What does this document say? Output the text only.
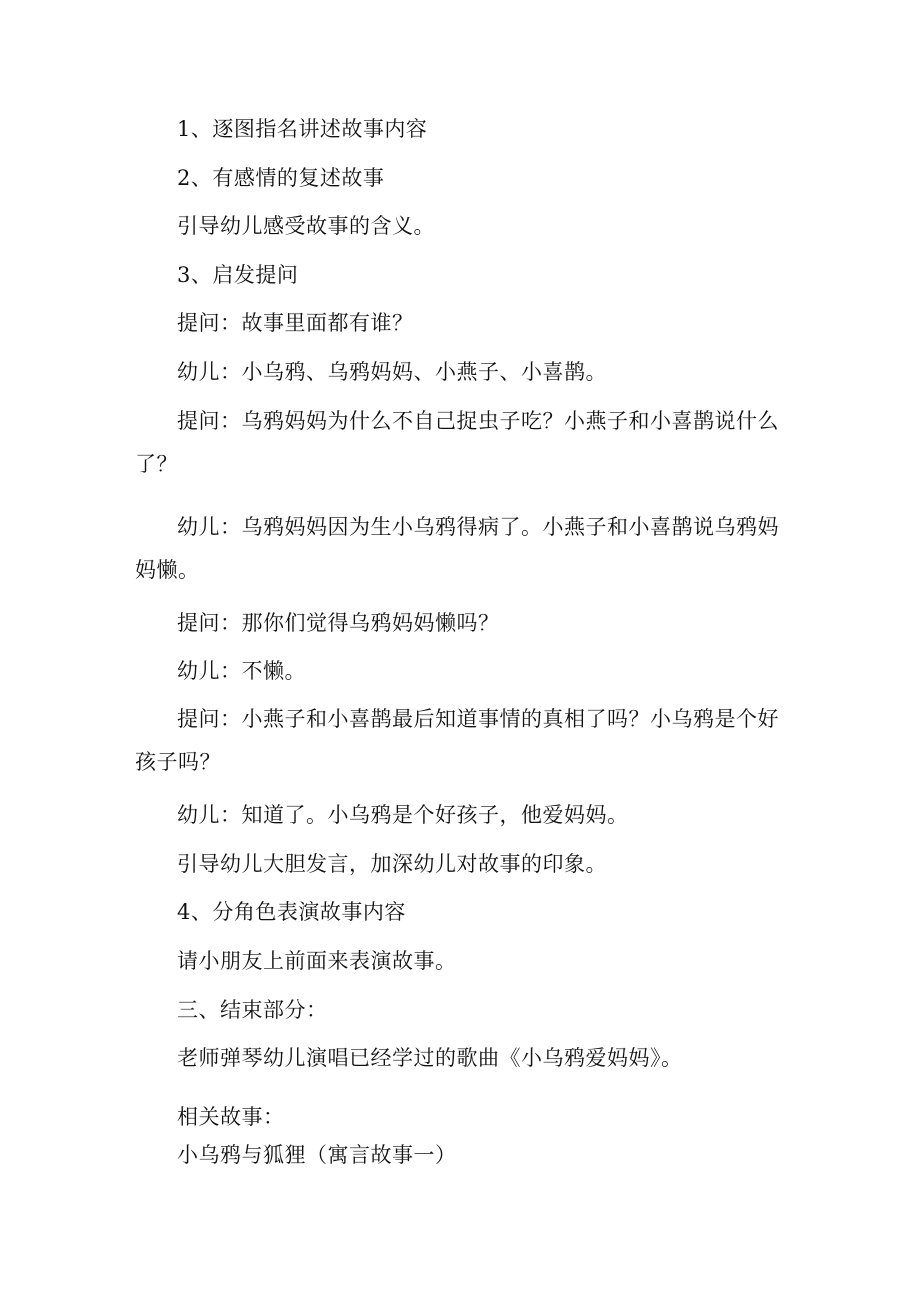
1、逐图指名讲述故事内容
2、有感情的复述故事
引导幼儿感受故事的含义。
3、启发提问
提问：故事里面都有谁？
幼儿：小乌鸦、乌鸦妈妈、小燕子、小喜鹊。
提问：乌鸦妈妈为什么不自己捉虫子吃？小燕子和小喜鹊说什么了？
幼儿：乌鸦妈妈因为生小乌鸦得病了。小燕子和小喜鹊说乌鸦妈妈懒。
提问：那你们觉得乌鸦妈妈懒吗？
幼儿：不懒。
提问：小燕子和小喜鹊最后知道事情的真相了吗？小乌鸦是个好孩子吗？
幼儿：知道了。小乌鸦是个好孩子，他爱妈妈。
引导幼儿大胆发言，加深幼儿对故事的印象。
4、分角色表演故事内容
请小朋友上前面来表演故事。
三、结束部分：
老师弹琴幼儿演唱已经学过的歌曲《小乌鸦爱妈妈》。
相关故事：
小乌鸦与狐狸（寓言故事一）
